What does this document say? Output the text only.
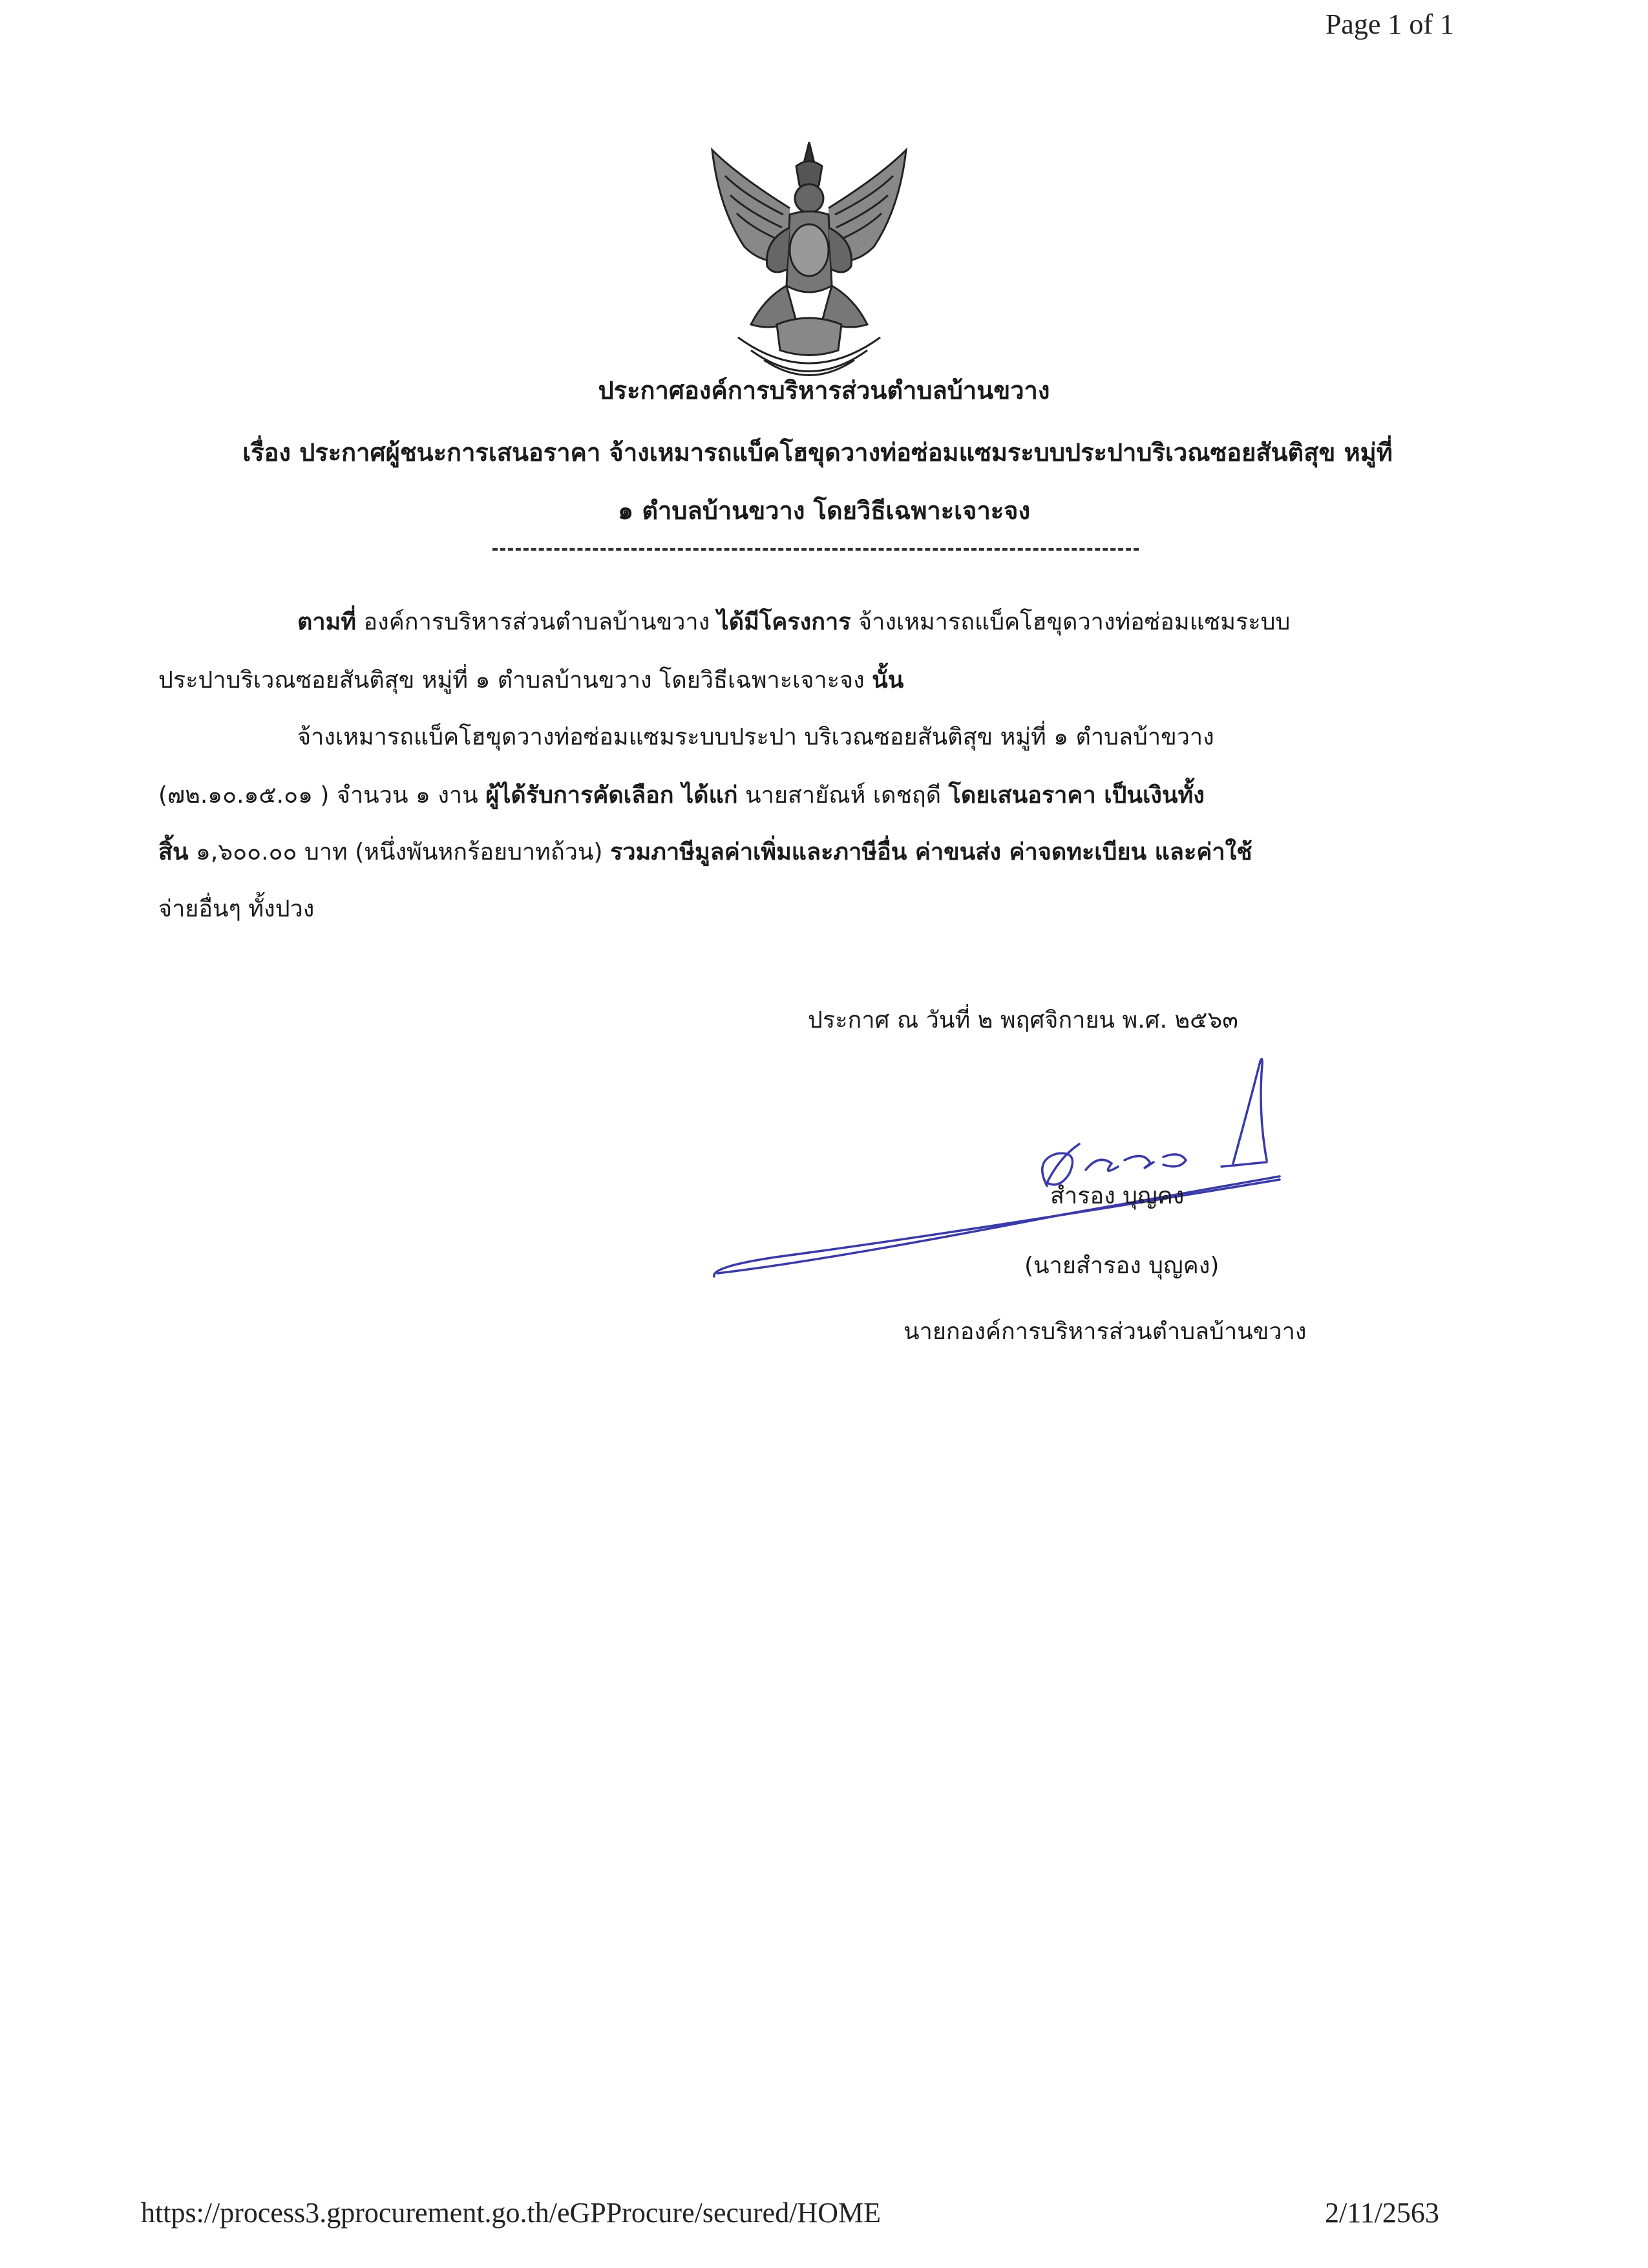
Page 1 of 1
ประกาศองค์การบริหารส่วนตำบลบ้านขวาง
เรื่อง ประกาศผู้ชนะการเสนอราคา จ้างเหมารถแบ็คโฮขุดวางท่อซ่อมแซมระบบประปาบริเวณซอยสันติสุข หมู่ที่
๑ ตำบลบ้านขวาง โดยวิธีเฉพาะเจาะจง
ตามที่ องค์การบริหารส่วนตำบลบ้านขวาง ได้มีโครงการ จ้างเหมารถแบ็คโฮขุดวางท่อซ่อมแซมระบบ
ประปาบริเวณซอยสันติสุข หมู่ที่ ๑ ตำบลบ้านขวาง โดยวิธีเฉพาะเจาะจง นั้น
จ้างเหมารถแบ็คโฮขุดวางท่อซ่อมแซมระบบประปา บริเวณซอยสันติสุข หมู่ที่ ๑ ตำบลบ้าขวาง
(๗๒.๑๐.๑๕.๐๑ ) จำนวน ๑ งาน ผู้ได้รับการคัดเลือก ได้แก่ นายสายัณห์ เดชฤดี โดยเสนอราคา เป็นเงินทั้ง
สิ้น ๑,๖๐๐.๐๐ บาท (หนึ่งพันหกร้อยบาทถ้วน) รวมภาษีมูลค่าเพิ่มและภาษีอื่น ค่าขนส่ง ค่าจดทะเบียน และค่าใช้
จ่ายอื่นๆ ทั้งปวง
ประกาศ ณ วันที่ ๒ พฤศจิกายน พ.ศ. ๒๕๖๓
สำรอง บุญคง
(นายสำรอง บุญคง)
นายกองค์การบริหารส่วนตำบลบ้านขวาง
https://process3.gprocurement.go.th/eGPProcure/secured/HOME	2/11/2563
